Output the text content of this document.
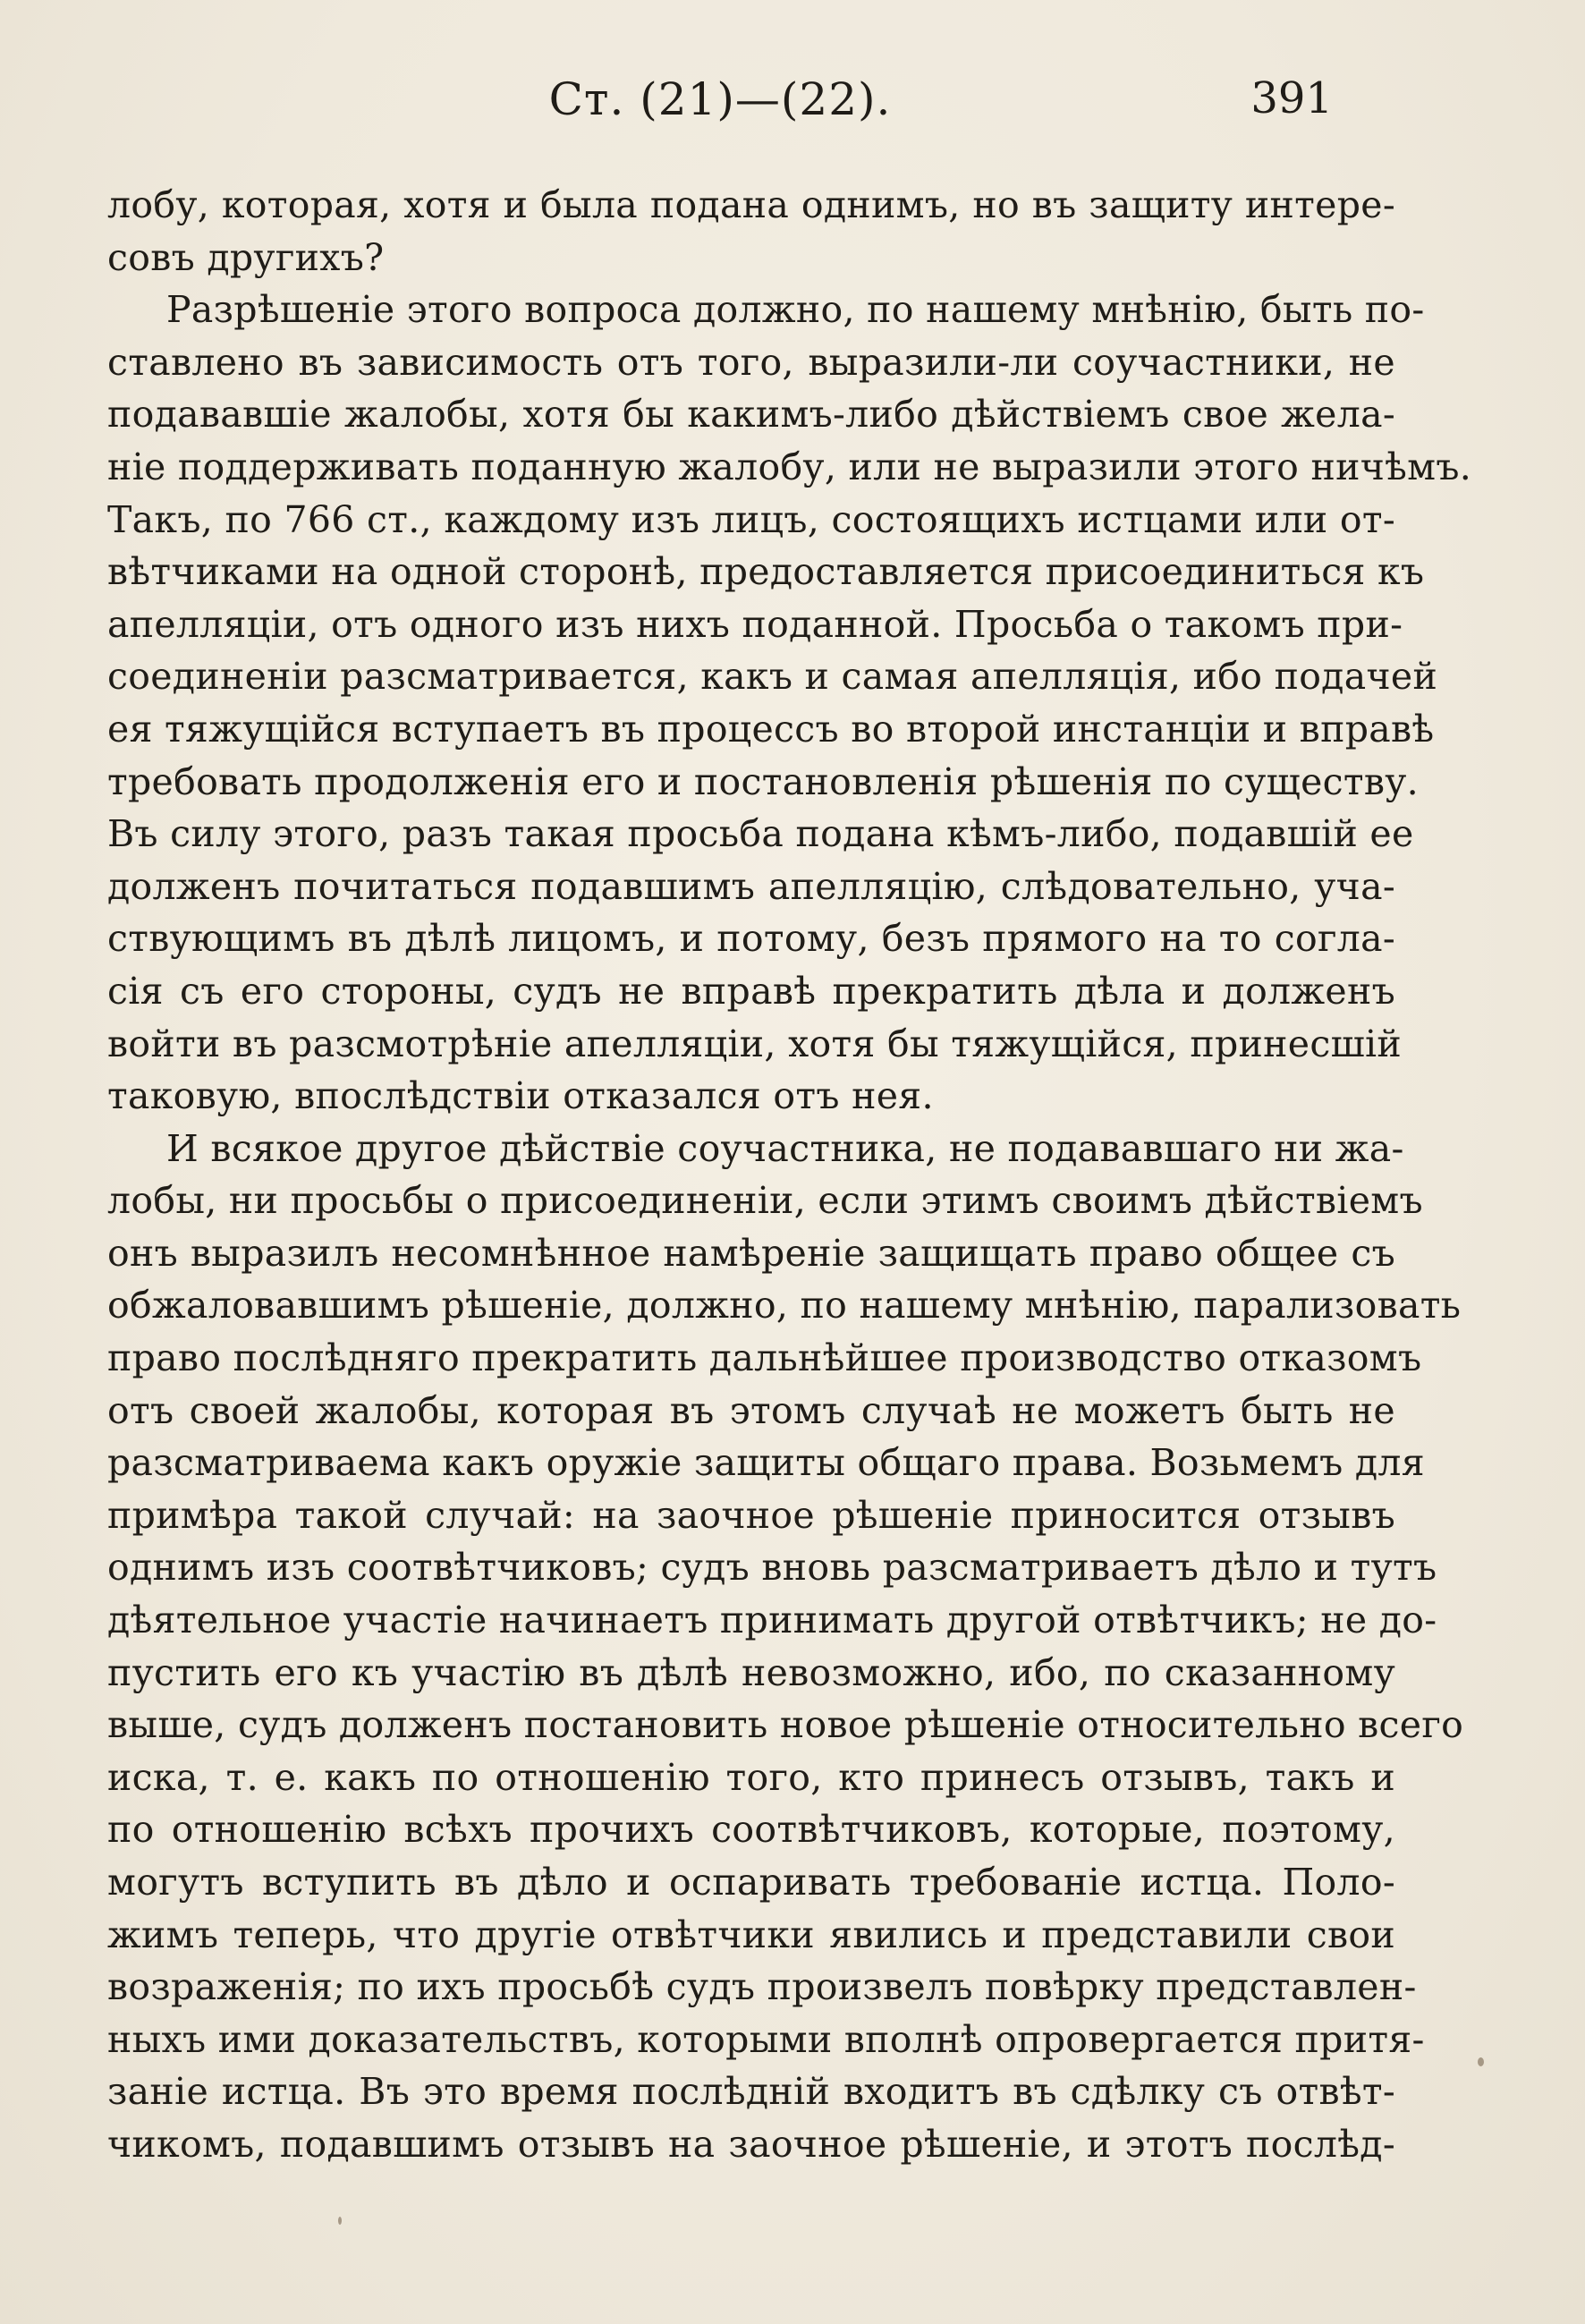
Ст. (21)—(22).	391
лобу, которая, хотя и была подана однимъ, но въ защиту интере-
совъ другихъ?
Разрѣшеніе этого вопроса должно, по нашему мнѣнію, быть по-
ставлено въ зависимость отъ того, выразили-ли соучастники, не
подававшіе жалобы, хотя бы какимъ-либо дѣйствіемъ свое жела-
ніе поддерживать поданную жалобу, или не выразили этого ничѣмъ.
Такъ, по 766 ст., каждому изъ лицъ, состоящихъ истцами или от-
вѣтчиками на одной сторонѣ, предоставляется присоединиться къ
апелляціи, отъ одного изъ нихъ поданной. Просьба о такомъ при-
соединеніи разсматривается, какъ и самая апелляція, ибо подачей
ея тяжущійся вступаетъ въ процессъ во второй инстанціи и вправѣ
требовать продолженія его и постановленія рѣшенія по существу.
Въ силу этого, разъ такая просьба подана кѣмъ-либо, подавшій ее
долженъ почитаться подавшимъ апелляцію, слѣдовательно, уча-
ствующимъ въ дѣлѣ лицомъ, и потому, безъ прямого на то согла-
сія съ его стороны, судъ не вправѣ прекратить дѣла и долженъ
войти въ разсмотрѣніе апелляціи, хотя бы тяжущійся, принесшій
таковую, впослѣдствіи отказался отъ нея.
И всякое другое дѣйствіе соучастника, не подававшаго ни жа-
лобы, ни просьбы о присоединеніи, если этимъ своимъ дѣйствіемъ
онъ выразилъ несомнѣнное намѣреніе защищать право общее съ
обжаловавшимъ рѣшеніе, должно, по нашему мнѣнію, парализовать
право послѣдняго прекратить дальнѣйшее производство отказомъ
отъ своей жалобы, которая въ этомъ случаѣ не можетъ быть не
разсматриваема какъ оружіе защиты общаго права. Возьмемъ для
примѣра такой случай: на заочное рѣшеніе приносится отзывъ
однимъ изъ соотвѣтчиковъ; судъ вновь разсматриваетъ дѣло и тутъ
дѣятельное участіе начинаетъ принимать другой отвѣтчикъ; не до-
пустить его къ участію въ дѣлѣ невозможно, ибо, по сказанному
выше, судъ долженъ постановить новое рѣшеніе относительно всего
иска, т. е. какъ по отношенію того, кто принесъ отзывъ, такъ и
по отношенію всѣхъ прочихъ соотвѣтчиковъ, которые, поэтому,
могутъ вступить въ дѣло и оспаривать требованіе истца. Поло-
жимъ теперь, что другіе отвѣтчики явились и представили свои
возраженія; по ихъ просьбѣ судъ произвелъ повѣрку представлен-
ныхъ ими доказательствъ, которыми вполнѣ опровергается притя-
заніе истца. Въ это время послѣдній входитъ въ сдѣлку съ отвѣт-
чикомъ, подавшимъ отзывъ на заочное рѣшеніе, и этотъ послѣд-
